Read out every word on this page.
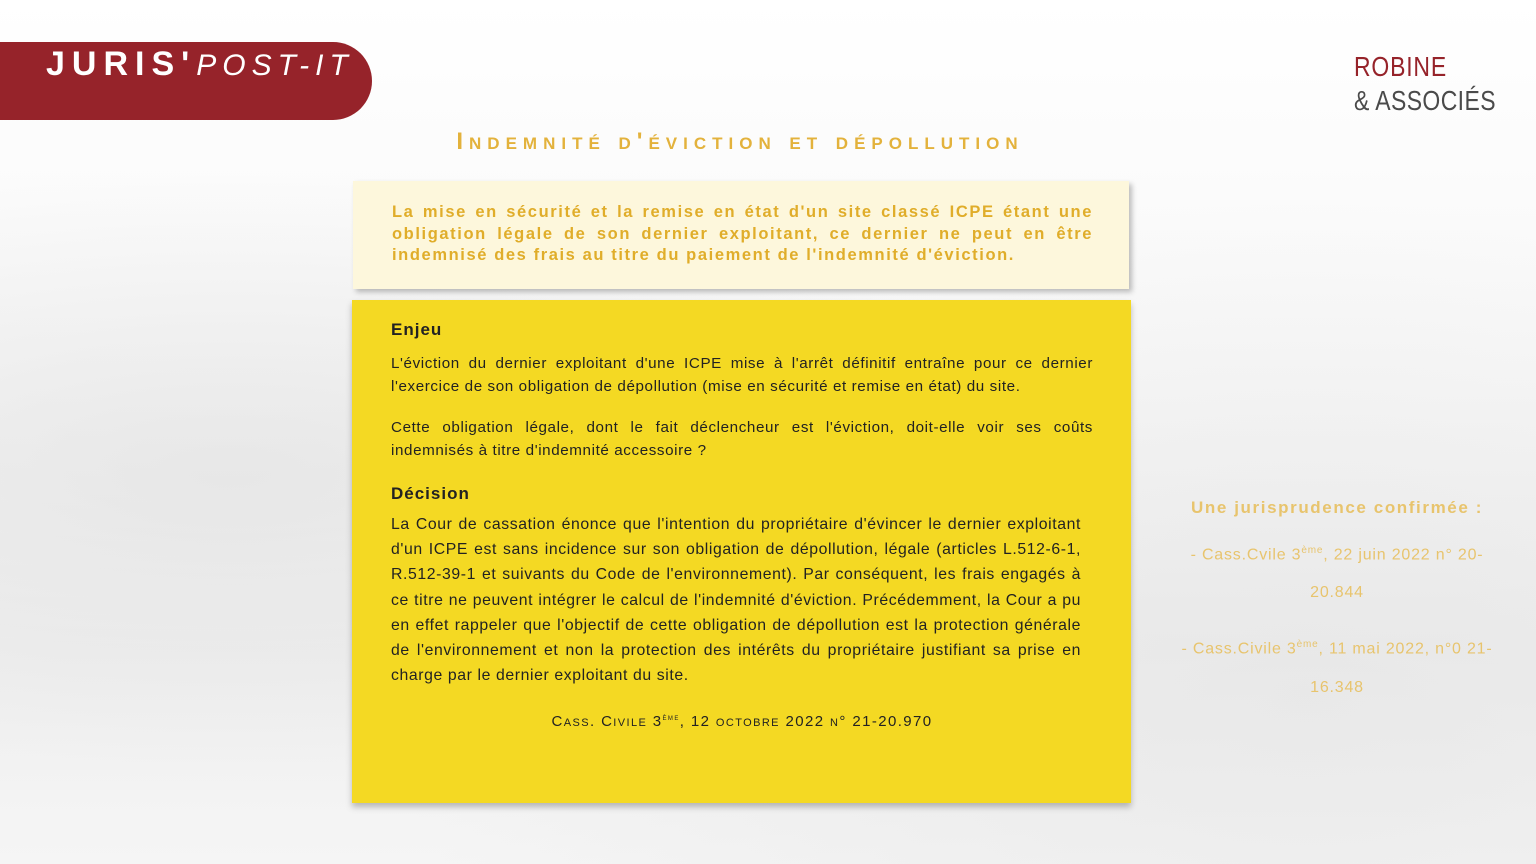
JURIS'POST-IT	ROBINE
& ASSOCIÉS
Indemnité d'éviction et dépollution
La mise en sécurité et la remise en état d'un site classé ICPE étant une obligation légale de son dernier exploitant, ce dernier ne peut en être indemnisé des frais au titre du paiement de l'indemnité d'éviction.
Enjeu

L'éviction du dernier exploitant d'une ICPE mise à l'arrêt définitif entraîne pour ce dernier l'exercice de son obligation de dépollution (mise en sécurité et remise en état) du site.

Cette obligation légale, dont le fait déclencheur est l'éviction, doit-elle voir ses coûts indemnisés à titre d'indemnité accessoire ?

Décision

La Cour de cassation énonce que l'intention du propriétaire d'évincer le dernier exploitant d'un ICPE est sans incidence sur son obligation de dépollution, légale (articles L.512-6-1, R.512-39-1 et suivants du Code de l'environnement). Par conséquent, les frais engagés à ce titre ne peuvent intégrer le calcul de l'indemnité d'éviction. Précédemment, la Cour a pu en effet rappeler que l'objectif de cette obligation de dépollution est la protection générale de l'environnement et non la protection des intérêts du propriétaire justifiant sa prise en charge par le dernier exploitant du site.

Cass. Civile 3ème, 12 octobre 2022 n° 21-20.970
Une jurisprudence confirmée :
- Cass.Cvile 3ème, 22 juin 2022 n° 20-20.844
- Cass.Civile 3ème, 11 mai 2022, n°0 21-16.348
